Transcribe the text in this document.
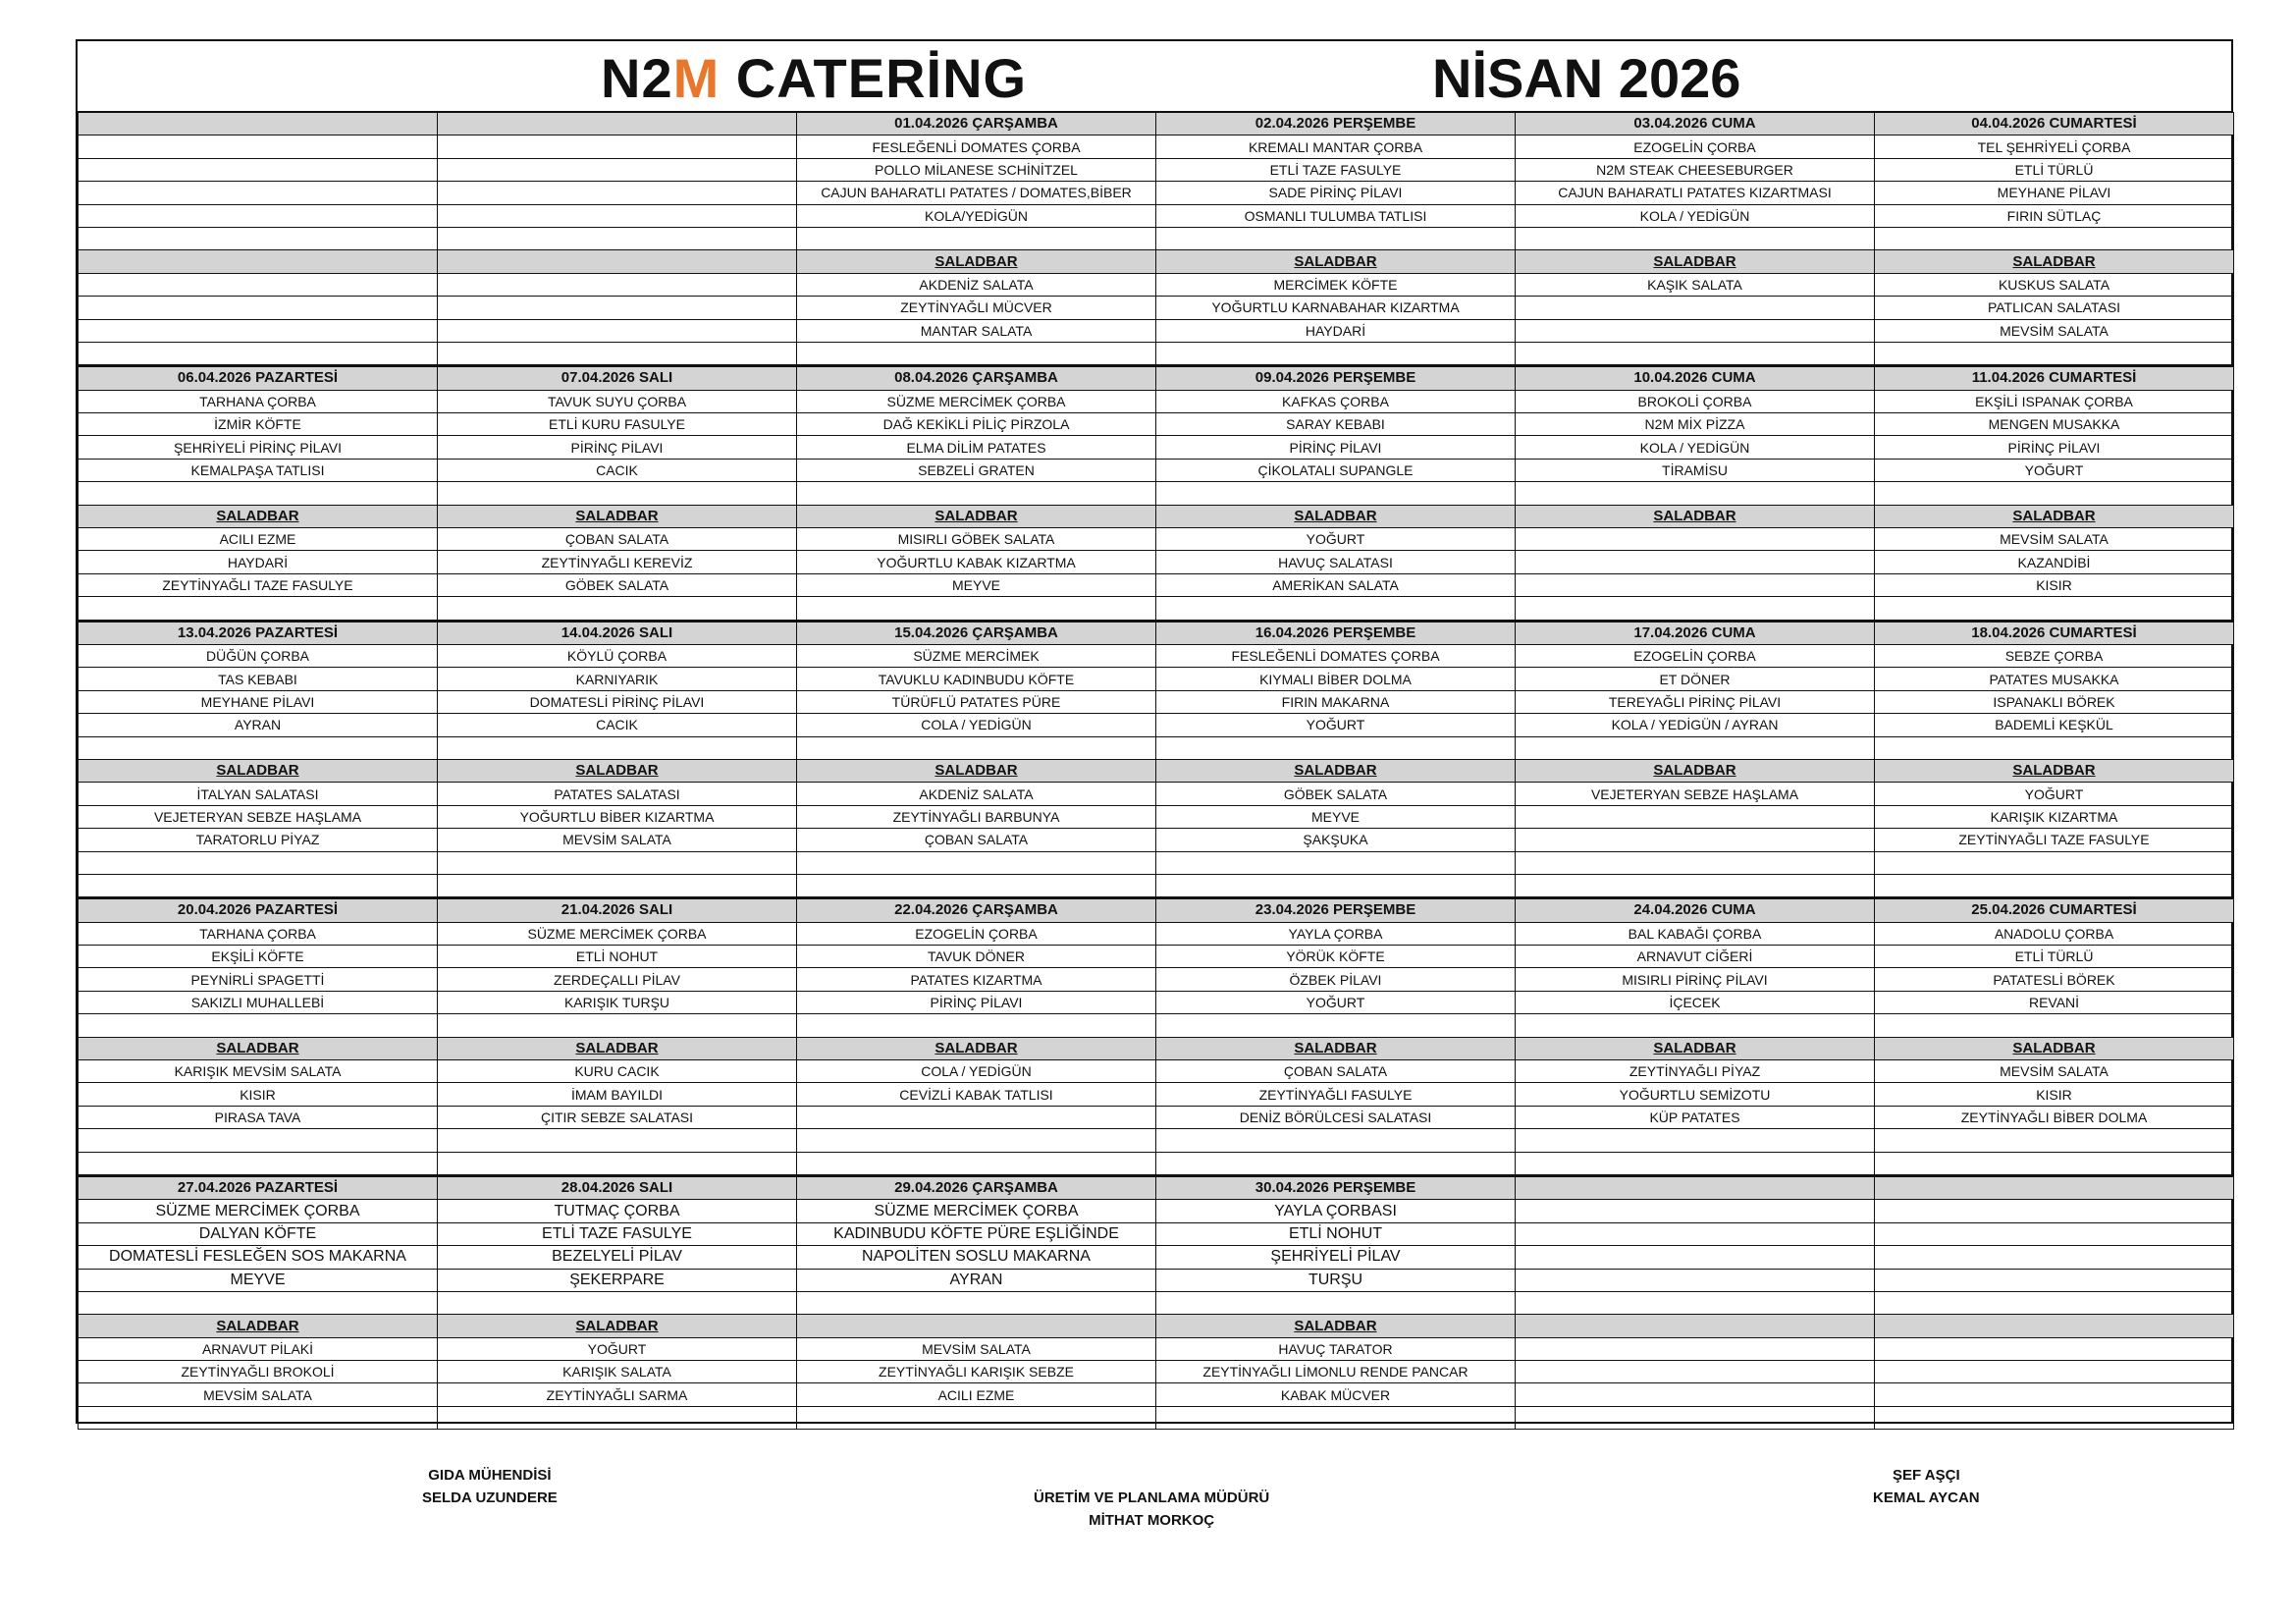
N2M CATERİNG	NİSAN 2026
		01.04.2026 ÇARŞAMBA	02.04.2026 PERŞEMBE	03.04.2026 CUMA	04.04.2026 CUMARTESİ
		FESLEĞENLİ DOMATES ÇORBA	KREMALI MANTAR ÇORBA	EZOGELİN ÇORBA	TEL ŞEHRİYELİ ÇORBA
		POLLO MİLANESE SCHİNİTZEL	ETLİ TAZE FASULYE	N2M STEAK CHEESEBURGER	ETLİ TÜRLÜ
		CAJUN BAHARATLI PATATES / DOMATES,BİBER	SADE PİRİNÇ PİLAVI	CAJUN BAHARATLI PATATES KIZARTMASI	MEYHANE PİLAVI
		KOLA/YEDİGÜN	OSMANLI TULUMBA TATLISI	KOLA / YEDİGÜN	FIRIN SÜTLAÇ

		SALADBAR	SALADBAR	SALADBAR	SALADBAR
		AKDENİZ SALATA	MERCİMEK KÖFTE	KAŞIK SALATA	KUSKUS SALATA
		ZEYTİNYAĞLI MÜCVER	YOĞURTLU KARNABAHAR KIZARTMA		PATLICAN SALATASI
		MANTAR SALATA	HAYDARİ		MEVSİM SALATA

06.04.2026 PAZARTESİ	07.04.2026 SALI	08.04.2026 ÇARŞAMBA	09.04.2026 PERŞEMBE	10.04.2026 CUMA	11.04.2026 CUMARTESİ
TARHANA ÇORBA	TAVUK SUYU ÇORBA	SÜZME MERCİMEK ÇORBA	KAFKAS ÇORBA	BROKOLİ ÇORBA	EKŞİLİ ISPANAK ÇORBA
İZMİR KÖFTE	ETLİ KURU FASULYE	DAĞ KEKİKLİ PİLİÇ PİRZOLA	SARAY KEBABI	N2M MİX PİZZA	MENGEN MUSAKKA
ŞEHRİYELİ PİRİNÇ PİLAVI	PİRİNÇ PİLAVI	ELMA DİLİM PATATES	PİRİNÇ PİLAVI	KOLA / YEDİGÜN	PİRİNÇ PİLAVI
KEMALPAŞA TATLISI	CACIK	SEBZELİ GRATEN	ÇİKOLATALI SUPANGLE	TİRAMİSU	YOĞURT

SALADBAR	SALADBAR	SALADBAR	SALADBAR	SALADBAR	SALADBAR
ACILI EZME	ÇOBAN SALATA	MISIRLI GÖBEK SALATA	YOĞURT		MEVSİM SALATA
HAYDARİ	ZEYTİNYAĞLI KEREVİZ	YOĞURTLU KABAK KIZARTMA	HAVUÇ SALATASI		KAZANDİBİ
ZEYTİNYAĞLI TAZE FASULYE	GÖBEK SALATA	MEYVE	AMERİKAN SALATA		KISIR

13.04.2026 PAZARTESİ	14.04.2026 SALI	15.04.2026 ÇARŞAMBA	16.04.2026 PERŞEMBE	17.04.2026 CUMA	18.04.2026 CUMARTESİ
DÜĞÜN ÇORBA	KÖYLÜ ÇORBA	SÜZME MERCİMEK	FESLEĞENLİ DOMATES ÇORBA	EZOGELİN ÇORBA	SEBZE ÇORBA
TAS KEBABI	KARNIYARIK	TAVUKLU KADINBUDU KÖFTE	KIYMALI BİBER DOLMA	ET DÖNER	PATATES MUSAKKA
MEYHANE PİLAVI	DOMATESLİ PİRİNÇ PİLAVI	TÜRÜFLÜ PATATES PÜRE	FIRIN MAKARNA	TEREYAĞLI PİRİNÇ PİLAVI	ISPANAKLI BÖREK
AYRAN	CACIK	COLA / YEDİGÜN	YOĞURT	KOLA / YEDİGÜN / AYRAN	BADEMLİ KEŞKÜL

SALADBAR	SALADBAR	SALADBAR	SALADBAR	SALADBAR	SALADBAR
İTALYAN SALATASI	PATATES SALATASI	AKDENİZ SALATA	GÖBEK SALATA	VEJETERYAN SEBZE HAŞLAMA	YOĞURT
VEJETERYAN SEBZE HAŞLAMA	YOĞURTLU BİBER KIZARTMA	ZEYTİNYAĞLI BARBUNYA	MEYVE		KARIŞIK KIZARTMA
TARATORLU PİYAZ	MEVSİM SALATA	ÇOBAN SALATA	ŞAKŞUKA		ZEYTİNYAĞLI TAZE FASULYE

20.04.2026 PAZARTESİ	21.04.2026 SALI	22.04.2026 ÇARŞAMBA	23.04.2026 PERŞEMBE	24.04.2026 CUMA	25.04.2026 CUMARTESİ
TARHANA ÇORBA	SÜZME MERCİMEK ÇORBA	EZOGELİN ÇORBA	YAYLA ÇORBA	BAL KABAĞI ÇORBA	ANADOLU ÇORBA
EKŞİLİ KÖFTE	ETLİ NOHUT	TAVUK DÖNER	YÖRÜK KÖFTE	ARNAVUT CİĞERİ	ETLİ TÜRLÜ
PEYNİRLİ SPAGETTİ	ZERDEÇALLI PİLAV	PATATES KIZARTMA	ÖZBEK PİLAVI	MISIRLI PİRİNÇ PİLAVI	PATATESLİ BÖREK
SAKIZLI MUHALLEBİ	KARIŞIK TURŞU	PİRİNÇ PİLAVI	YOĞURT	İÇECEK	REVANİ

SALADBAR	SALADBAR	SALADBAR	SALADBAR	SALADBAR	SALADBAR
KARIŞIK MEVSİM SALATA	KURU CACIK	COLA / YEDİGÜN	ÇOBAN SALATA	ZEYTİNYAĞLI PİYAZ	MEVSİM SALATA
KISIR	İMAM BAYILDI	CEVİZLİ KABAK TATLISI	ZEYTİNYAĞLI FASULYE	YOĞURTLU SEMİZOTU	KISIR
PIRASA TAVA	ÇITIR SEBZE SALATASI		DENİZ BÖRÜLCESİ SALATASI	KÜP PATATES	ZEYTİNYAĞLI BİBER DOLMA

27.04.2026 PAZARTESİ	28.04.2026 SALI	29.04.2026 ÇARŞAMBA	30.04.2026 PERŞEMBE		
SÜZME MERCİMEK ÇORBA	TUTMAÇ ÇORBA	SÜZME MERCİMEK ÇORBA	YAYLA ÇORBASI		
DALYAN KÖFTE	ETLİ TAZE FASULYE	KADINBUDU KÖFTE PÜRE EŞLİĞİNDE	ETLİ NOHUT		
DOMATESLİ FESLEĞEN SOS MAKARNA	BEZELYELİ PİLAV	NAPOLİTEN SOSLU MAKARNA	ŞEHRİYELİ PİLAV		
MEYVE	ŞEKERPARE	AYRAN	TURŞU		

SALADBAR	SALADBAR		SALADBAR		
ARNAVUT PİLAKİ	YOĞURT	MEVSİM SALATA	HAVUÇ TARATOR		
ZEYTİNYAĞLI BROKOLİ	KARIŞIK SALATA	ZEYTİNYAĞLI KARIŞIK SEBZE	ZEYTİNYAĞLI LİMONLU RENDE PANCAR		
MEVSİM SALATA	ZEYTİNYAĞLI SARMA	ACILI EZME	KABAK MÜCVER		

GIDA MÜHENDİSİ
SELDA UZUNDERE	ÜRETİM VE PLANLAMA MÜDÜRÜ
MİTHAT MORKOÇ
ŞEF AŞÇI
KEMAL AYCAN
